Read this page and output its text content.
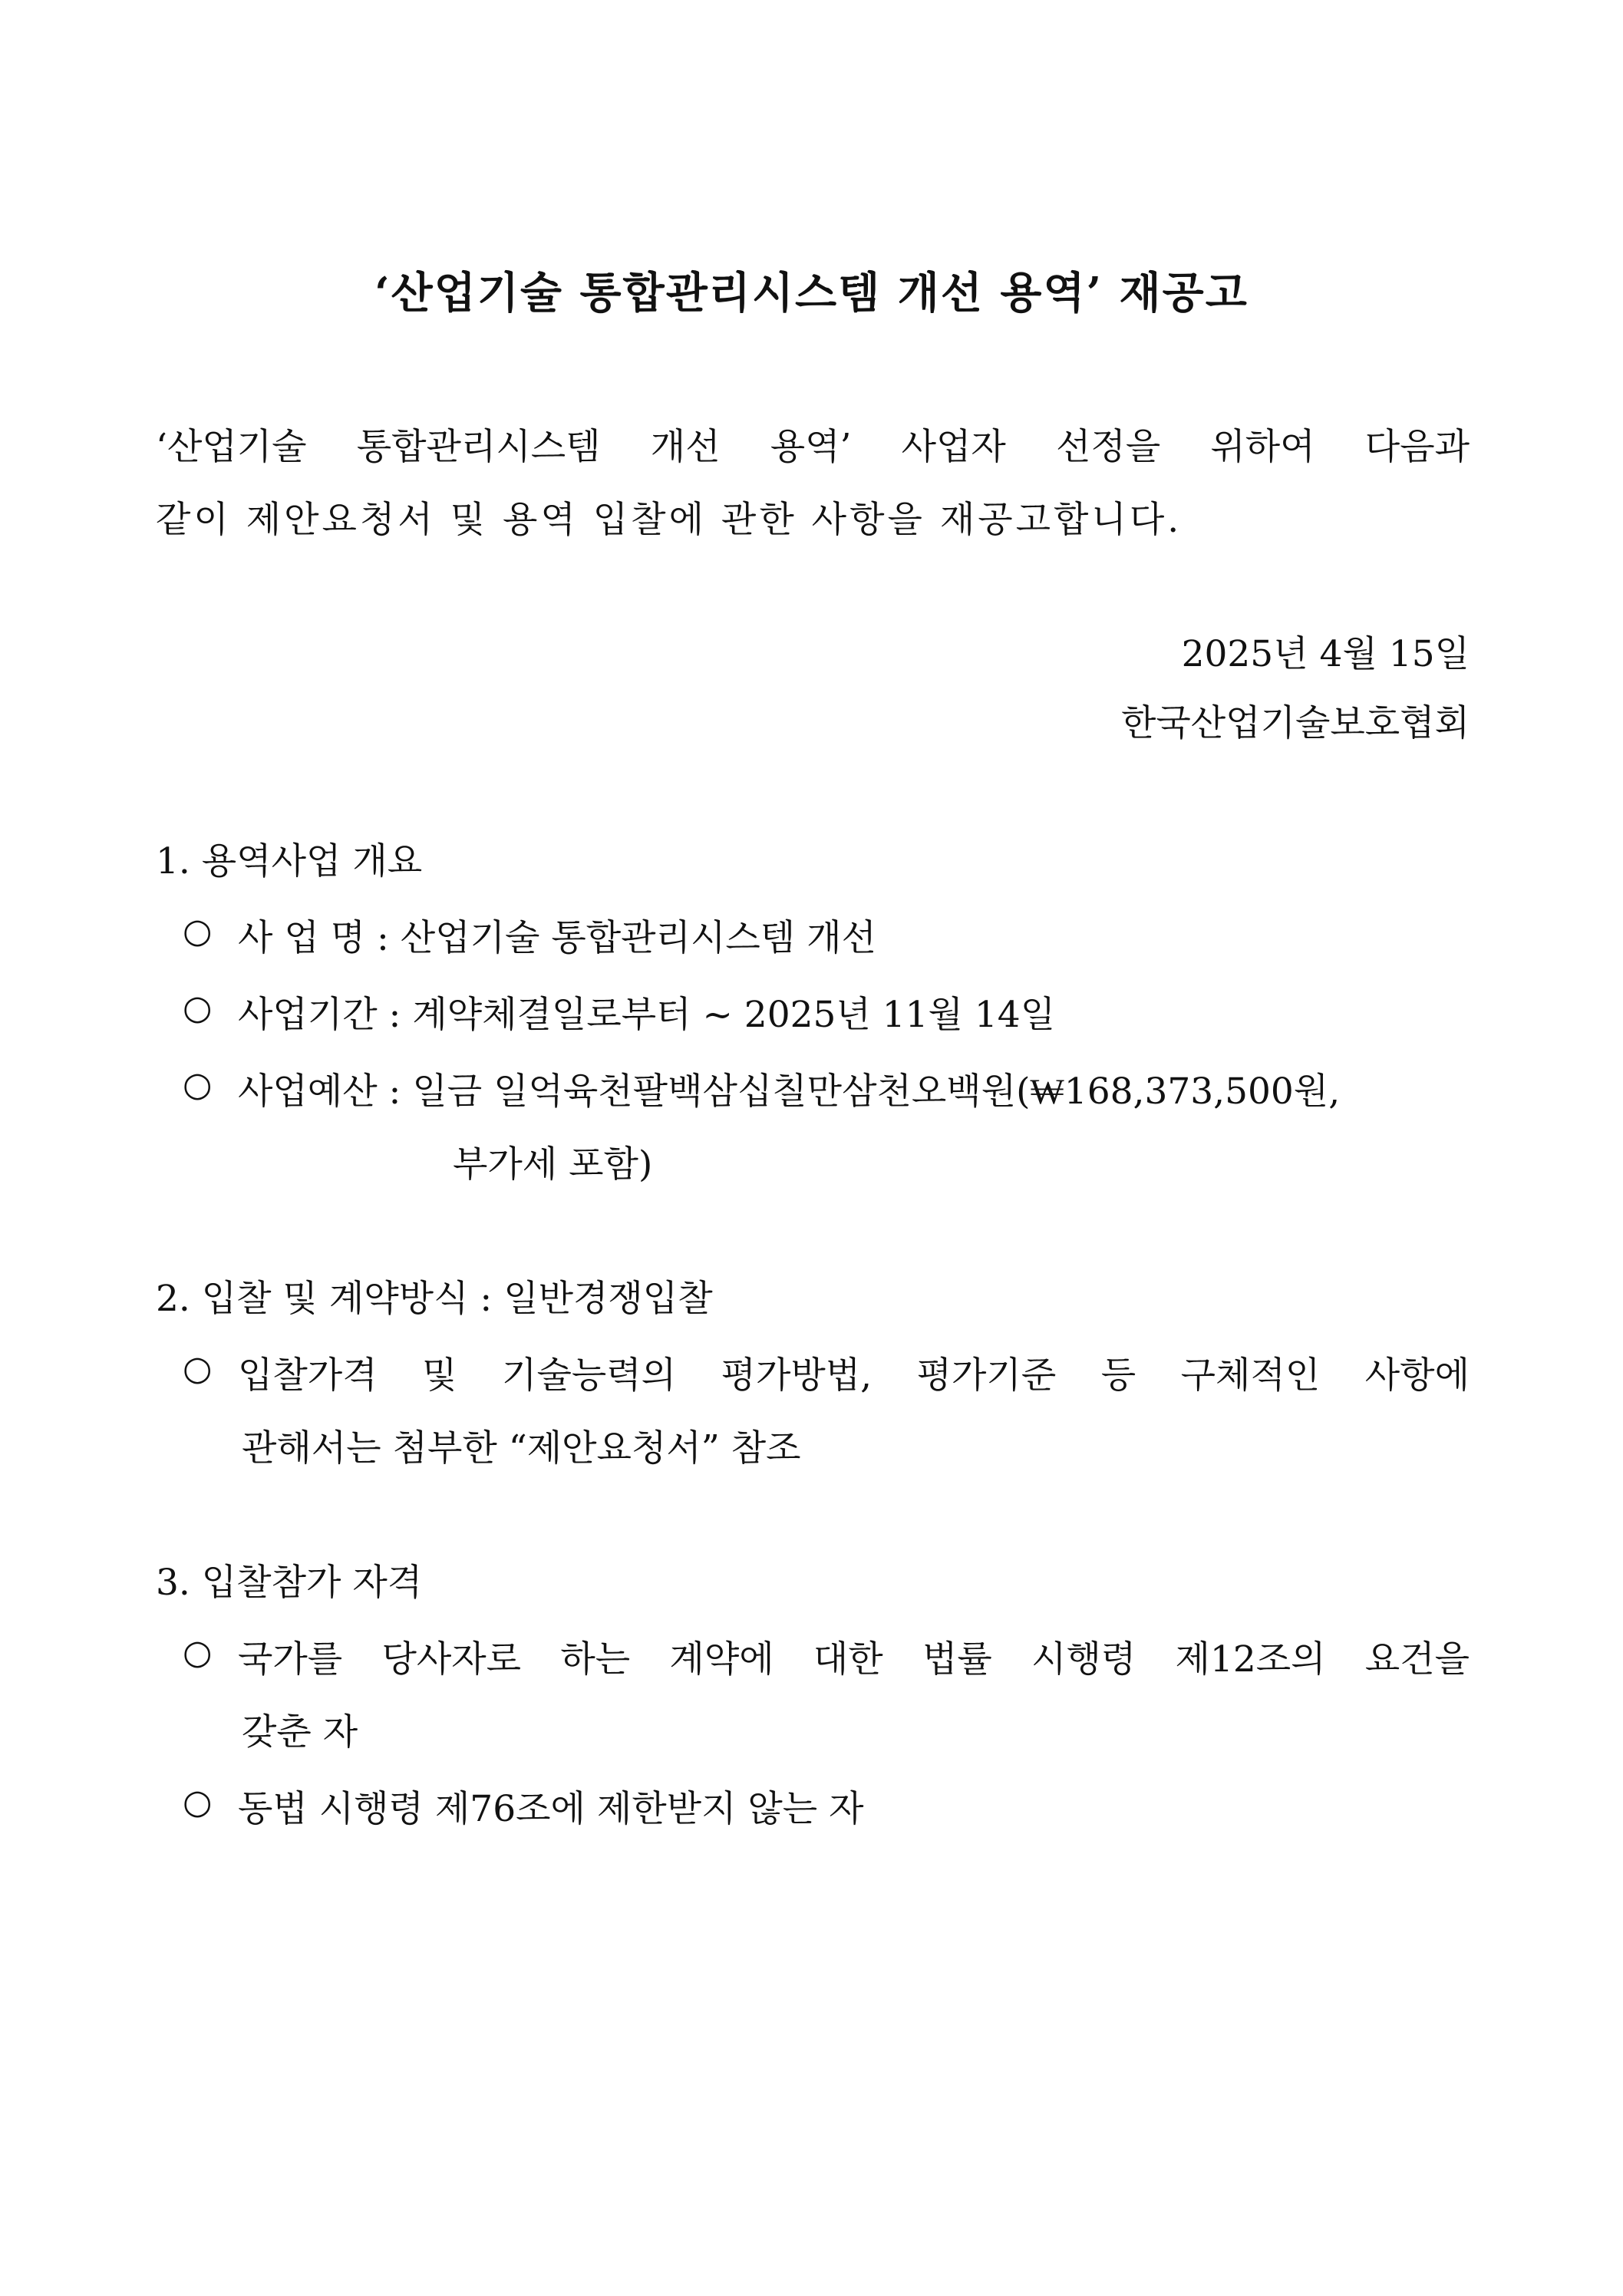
‘산업기술 통합관리시스템 개선 용역’ 재공고
‘산업기술 통합관리시스템 개선 용역’ 사업자 선정을 위하여 다음과
같이 제안요청서 및 용역 입찰에 관한 사항을 재공고합니다.
2025년 4월 15일
한국산업기술보호협회
1. 용역사업 개요
○ 사 업 명 : 산업기술 통합관리시스템 개선
○ 사업기간 : 계약체결일로부터 ~ 2025년 11월 14일
○ 사업예산 : 일금 일억육천팔백삼십칠만삼천오백원(₩168,373,500원,
부가세 포함)
2. 입찰 및 계약방식 : 일반경쟁입찰
○ 입찰가격 및 기술능력의 평가방법, 평가기준 등 구체적인 사항에
관해서는 첨부한 “제안요청서” 참조
3. 입찰참가 자격
○ 국가를 당사자로 하는 계약에 대한 법률 시행령 제12조의 요건을
갖춘 자
○ 동법 시행령 제76조에 제한받지 않는 자
